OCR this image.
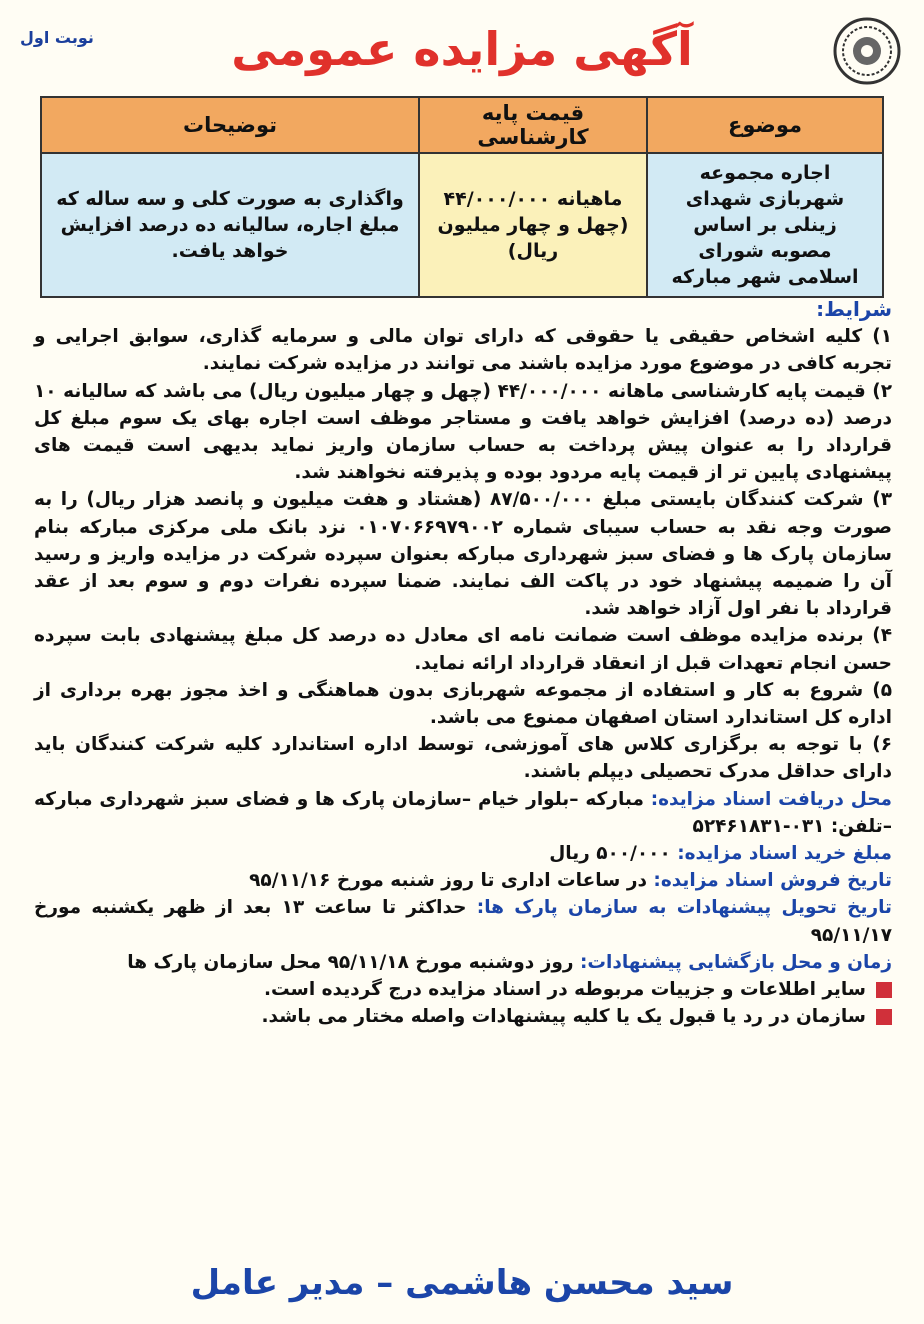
آگهی مزایده عمومی
نوبت اول
موضوع
قیمت پایه کارشناسی
توضیحات
اجاره مجموعه شهربازی شهدای زینلی بر اساس مصوبه شورای اسلامی شهر مبارکه
ماهیانه ۴۴/۰۰۰/۰۰۰ (چهل و چهار میلیون ریال)
واگذاری به صورت کلی و سه ساله که مبلغ اجاره، سالیانه ده درصد افزایش خواهد یافت.

شرایط:

۱) کلیه اشخاص حقیقی یا حقوقی که دارای توان مالی و سرمایه گذاری، سوابق اجرایی و تجربه کافی در موضوع مورد مزایده باشند می توانند در مزایده شرکت نمایند.

۲) قیمت پایه کارشناسی ماهانه ۴۴/۰۰۰/۰۰۰ (چهل و چهار میلیون ریال) می باشد که سالیانه ۱۰ درصد (ده درصد) افزایش خواهد یافت و مستاجر موظف است اجاره بهای یک سوم مبلغ کل قرارداد را به عنوان پیش پرداخت به حساب سازمان واریز نماید بدیهی است قیمت های پیشنهادی پایین تر از قیمت پایه مردود بوده و پذیرفته نخواهند شد.

۳) شرکت کنندگان بایستی مبلغ ۸۷/۵۰۰/۰۰۰ (هشتاد و هفت میلیون و پانصد هزار ریال) را به صورت وجه نقد به حساب سیبای شماره ۰۱۰۷۰۶۶۹۷۹۰۰۲ نزد بانک ملی مرکزی مبارکه بنام سازمان پارک ها و فضای سبز شهرداری مبارکه بعنوان سپرده شرکت در مزایده واریز و رسید آن را ضمیمه پیشنهاد خود در پاکت الف نمایند. ضمنا سپرده نفرات دوم و سوم بعد از عقد قرارداد با نفر اول آزاد خواهد شد.

۴) برنده مزایده موظف است ضمانت نامه ای معادل ده درصد کل مبلغ پیشنهادی بابت سپرده حسن انجام تعهدات قبل از انعقاد قرارداد ارائه نماید.

۵) شروع به کار و استفاده از مجموعه شهربازی بدون هماهنگی و اخذ مجوز بهره برداری از اداره کل استاندارد استان اصفهان ممنوع می باشد.

۶) با توجه به برگزاری کلاس های آموزشی، توسط اداره استاندارد کلیه شرکت کنندگان باید دارای حداقل مدرک تحصیلی دیپلم باشند.

محل دریافت اسناد مزایده: مبارکه –بلوار خیام –سازمان پارک ها و فضای سبز شهرداری مبارکه –تلفن: ۰۳۱-۵۲۴۶۱۸۳۱

مبلغ خرید اسناد مزایده: ۵۰۰/۰۰۰ ریال

تاریخ فروش اسناد مزایده: در ساعات اداری تا روز شنبه مورخ ۹۵/۱۱/۱۶

تاریخ تحویل پیشنهادات به سازمان پارک ها: حداکثر تا ساعت ۱۳ بعد از ظهر یکشنبه مورخ ۹۵/۱۱/۱۷

زمان و محل بازگشایی پیشنهادات: روز دوشنبه مورخ ۹۵/۱۱/۱۸ محل سازمان پارک ها

سایر اطلاعات و جزییات مربوطه در اسناد مزایده درج گردیده است.

سازمان در رد یا قبول یک یا کلیه پیشنهادات واصله مختار می باشد.

سید محسن هاشمی – مدیر عامل
